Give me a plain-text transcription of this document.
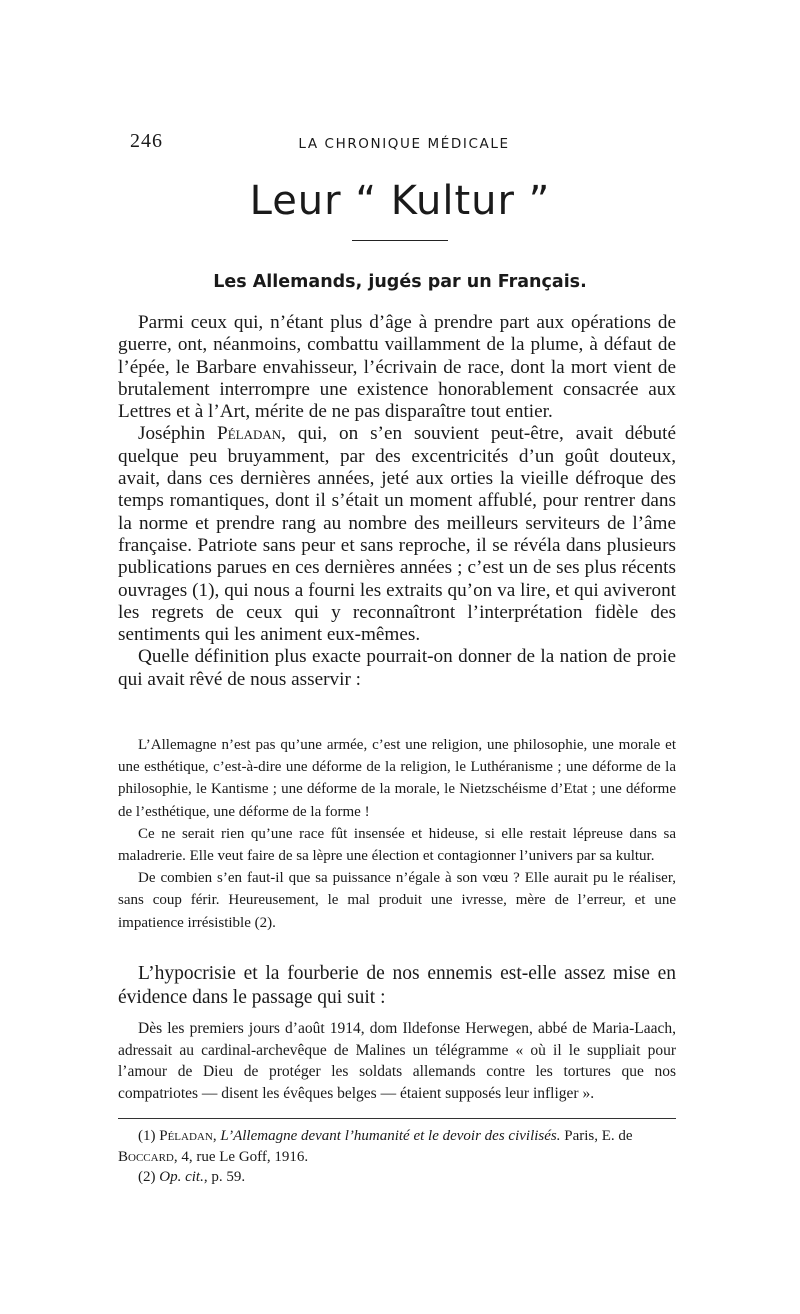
246	LA CHRONIQUE MÉDICALE
Leur “ Kultur ”
Les Allemands, jugés par un Français.

Parmi ceux qui, n’étant plus d’âge à prendre part aux opérations de guerre, ont, néanmoins, combattu vaillamment de la plume, à défaut de l’épée, le Barbare envahisseur, l’écrivain de race, dont la mort vient de brutalement interrompre une existence honorablement consacrée aux Lettres et à l’Art, mérite de ne pas disparaître tout entier.

Joséphin Péladan, qui, on s’en souvient peut-être, avait débuté quelque peu bruyamment, par des excentricités d’un goût douteux, avait, dans ces dernières années, jeté aux orties la vieille défroque des temps romantiques, dont il s’était un moment affublé, pour rentrer dans la norme et prendre rang au nombre des meilleurs serviteurs de l’âme française. Patriote sans peur et sans reproche, il se révéla dans plusieurs publications parues en ces dernières années ; c’est un de ses plus récents ouvrages (1), qui nous a fourni les extraits qu’on va lire, et qui aviveront les regrets de ceux qui y reconnaîtront l’interprétation fidèle des sentiments qui les animent eux-mêmes.

Quelle définition plus exacte pourrait-on donner de la nation de proie qui avait rêvé de nous asservir :

L’Allemagne n’est pas qu’une armée, c’est une religion, une philosophie, une morale et une esthétique, c’est-à-dire une déforme de la religion, le Luthéranisme ; une déforme de la philosophie, le Kantisme ; une déforme de la morale, le Nietzschéisme d’Etat ; une déforme de l’esthétique, une déforme de la forme !

Ce ne serait rien qu’une race fût insensée et hideuse, si elle restait lépreuse dans sa maladrerie. Elle veut faire de sa lèpre une élection et contagionner l’univers par sa kultur.

De combien s’en faut-il que sa puissance n’égale à son vœu ? Elle aurait pu le réaliser, sans coup férir. Heureusement, le mal produit une ivresse, mère de l’erreur, et une impatience irrésistible (2).

L’hypocrisie et la fourberie de nos ennemis est-elle assez mise en évidence dans le passage qui suit :

Dès les premiers jours d’août 1914, dom Ildefonse Herwegen, abbé de Maria-Laach, adressait au cardinal-archevêque de Malines un télégramme « où il le suppliait pour l’amour de Dieu de protéger les soldats allemands contre les tortures que nos compatriotes — disent les évêques belges — étaient supposés leur infliger ».

(1) Péladan, L’Allemagne devant l’humanité et le devoir des civilisés. Paris, E. de Boccard, 4, rue Le Goff, 1916.

(2) Op. cit., p. 59.
